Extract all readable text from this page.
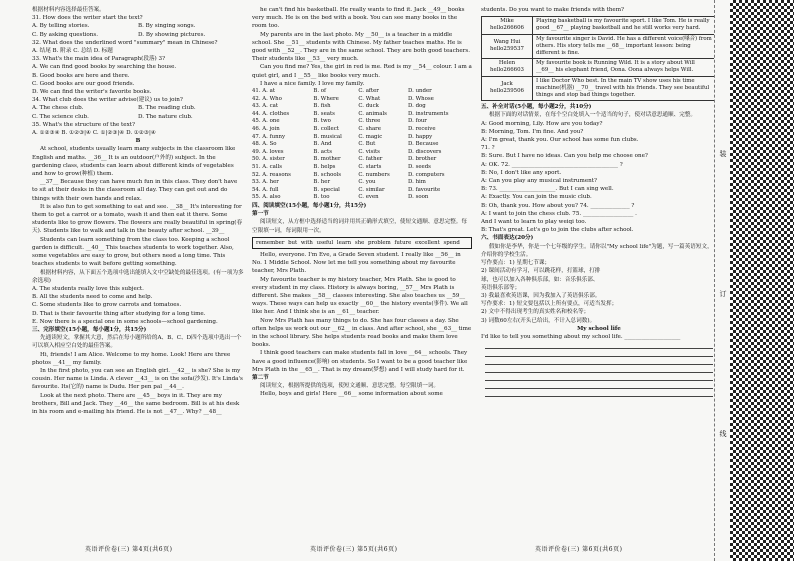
根据材料内容选择最佳答案。
31. How does the writer start the text?
A. By telling stories.	B. By singing songs.
C. By asking questions.	D. By showing pictures.
32. What does the underlined word "summary" mean in Chinese?
A. 结尾 B. 附录 C. 总结 D. 标题
33. What's the main idea of Paragraph(段落) 3?
A. We can find good books by searching the house.
B. Good books are here and there.
C. Good books are our good friends.
D. We can find the writer's favorite books.
34. What club does the writer advise(建议) us to join?
A. The chess club.	B. The reading club.
C. The science club.	D. The nature club.
35. What's the structure of the text?
A. ①②③④ B. ①②③|④ C. ①|②③|④ D. ①②③|④
B
At school, students usually learn many subjects in the classroom like English and maths. __36__ It is an outdoor(户外的) subject. In the gardening class, students can learn about different kinds of vegetables and how to grow(种植) them.
__37__ Because they can have much fun in this class. They don't have to sit at their desks in the classroom all day. They can get out and do things with their own hands and relax.
It is also fun to get something to eat and see. __38__ It's interesting for them to get a carrot or a tomato, wash it and then eat it there. Some students like to grow flowers. The flowers are really beautiful in spring(春天). Students like to walk and talk in the beauty after school. __39__
Students can learn something from the class too. Keeping a school garden is difficult. __40__ This teaches students to work together. Also, some vegetables are easy to grow, but others need a long time. This teaches students to wait before getting something.
根据材料内容，从下面五个选项中选出能填入文中空缺处的最佳选项。(有一项为多余选项)
A. The students really love this subject.
B. All the students need to come and help.
C. Some students like to grow carrots and tomatoes.
D. That is their favourite thing after studying for a long time.
E. Now there is a special one in some schools—school gardening.
三、完形填空(15小题，每小题1分，共15分)
先通读短文，掌握其大意，然后在每小题所给的A、B、C、D四个选项中选出一个可以填入相应空白处的最佳答案。
Hi, friends! I am Alice. Welcome to my home. Look! Here are three photos __41__ my family.
In the first photo, you can see an English girl. __42__ is she? She is my cousin. Her name is Linda. A clever __43__ is on the sofa(沙发). It's Linda's favourite. Its(它的) name is Dudu. Her pen pal __44__.
Look at the next photo. There are __45__ boys in it. They are my brothers, Bill and Jack. They __46__ the same bedroom. Bill is at his desk in his room and e-mailing his friend. He is not __47__. Why? __48__
he can't find his basketball. He really wants to find it. Jack __49__ books very much. He is on the bed with a book. You can see many books in the room too.
My parents are in the last photo. My __50__ is a teacher in a middle school. She __51__ students with Chinese. My father teaches maths. He is good with __52__. They are in the same school. They are both good teachers. Their students like __53__ very much.
Can you find me? Yes, the girl in red is me. Red is my __54__ colour. I am a quiet girl, and I __55__ like books very much.
I have a nice family. I love my family.
41. A. at	B. of	C. after	D. under
42. A. Who	B. Where	C. What	D. Whose
43. A. cat	B. fish	C. duck	D. dog
44. A. clothes	B. seats	C. animals	D. instruments
45. A. one	B. two	C. three	D. four
46. A. join	B. collect	C. share	D. receive
47. A. funny	B. musical	C. magic	D. happy
48. A. So	B. And	C. But	D. Because
49. A. loves	B. acts	C. visits	D. discovers
50. A. sister	B. mother	C. father	D. brother
51. A. calls	B. helps	C. starts	D. seeds
52. A. reasons	B. schools	C. numbers	D. computers
53. A. her	B. her	C. you	D. him
54. A. full	B. special	C. similar	D. favourite
55. A. also	B. too	C. even	D. soon
四、阅读填空(15小题，每小题1分，共15分)
第一节
阅读短文，从方框中选择适当的词并用其正确形式填空，使短文通顺、意思完整。每空限填一词，每词限用一次。
remember but with useful learn she problem future excellent spend
Hello, everyone. I'm Eve, a Grade Seven student. I really like __56__ in No. 1 Middle School. Now let me tell you something about my favourite teacher, Mrs Plath.
My favourite teacher is my history teacher, Mrs Plath. She is good to every student in my class. History is always boring, __57__ Mrs Plath is different. She makes __58__ classes interesting. She also teaches us __59__ ways. These ways can help us exactly __60__ the history events(事件). We all like her. And I think she is an __61__ teacher.
Now Mrs Plath has many things to do. She has four classes a day. She often helps us work out our __62__ in class. And after school, she __63__ time in the school library. She helps students read books and make them love books.
I think good teachers can make students fall in love __64__ schools. They have a good influence(影响) on students. So I want to be a good teacher like Mrs Plath in the __65__. That is my dream(梦想) and I will study hard for it.
第二节
阅读短文，根据所提供的选项，使短文通顺、意思完整。每空限填一词。
Hello, boys and girls! Here __66__ some information about some
students. Do you want to make friends with them?
Mike
hello266606	Playing basketball is my favourite sport. I like Tom. He is really good __67__ playing basketball and he still works very hard.
Wang Hui
hello259537	My favourite singer is David. He has a different voice(嗓音) from others. His story tells me __68__ important lesson: being different is fine.
Helen
hello266603	My favourite book is Running Wild. It is a story about Will __69__ his elephant friend, Oona. Oona always helps Will.
Jack
hello259506	I like Doctor Who best. In the main TV show uses his time machine(机器) __70__ travel with his friends. They see beautiful things and stop bad things together.
五、补全对话(5小题，每小题2分，共10分)
根据下面的对话情景，在每个空白处填入一个适当的句子，使对话意思通顺、完整。
A: Good morning, Lily. How are you today?
B: Morning, Tom. I'm fine. And you?
A: I'm great, thank you. Our school has some fun clubs.
71. ?
B: Sure. But I have no ideas. Can you help me choose one?
A: OK. 72. ______________________________________ ?
B: No, I don't like any sport.
A: Can you play any musical instrument?
B: 73. ____________________. But I can sing well.
A: Exactly. You can join the music club.
B: Oh, thank you. How about you? 74. ______________ ?
A: I want to join the chess club. 75. __________________ .
And I want to learn to play weiqi too.
B: That's great. Let's go to join the clubs after school.
六、书面表达(20分)
假如你是李华，你是一个七年级的学生。请你以"My school life"为题，写一篇英语短文，介绍你的学校生活。
写作要点：1) 星期七节课；
2) 课间活动有学习，可以跳花样，打篮球，打排
球，也可以加入各种俱乐部，如：音乐俱乐部、
英语俱乐部等；
3) 我最喜欢英语课，因为我加入了英语俱乐部。
写作要求：1) 短文要包括以上所有要点，可适当发挥；
2) 文中不得出现考生的真实姓名和校名等；
3) 词数60左右(开头已给出，不计入总词数)。
My school life
I'd like to tell you something about my school life. ____________________
英语评价卷(三) 第4页(共6页)	英语评价卷(三) 第5页(共6页)	英语评价卷(三) 第6页(共6页)
装
订
线
